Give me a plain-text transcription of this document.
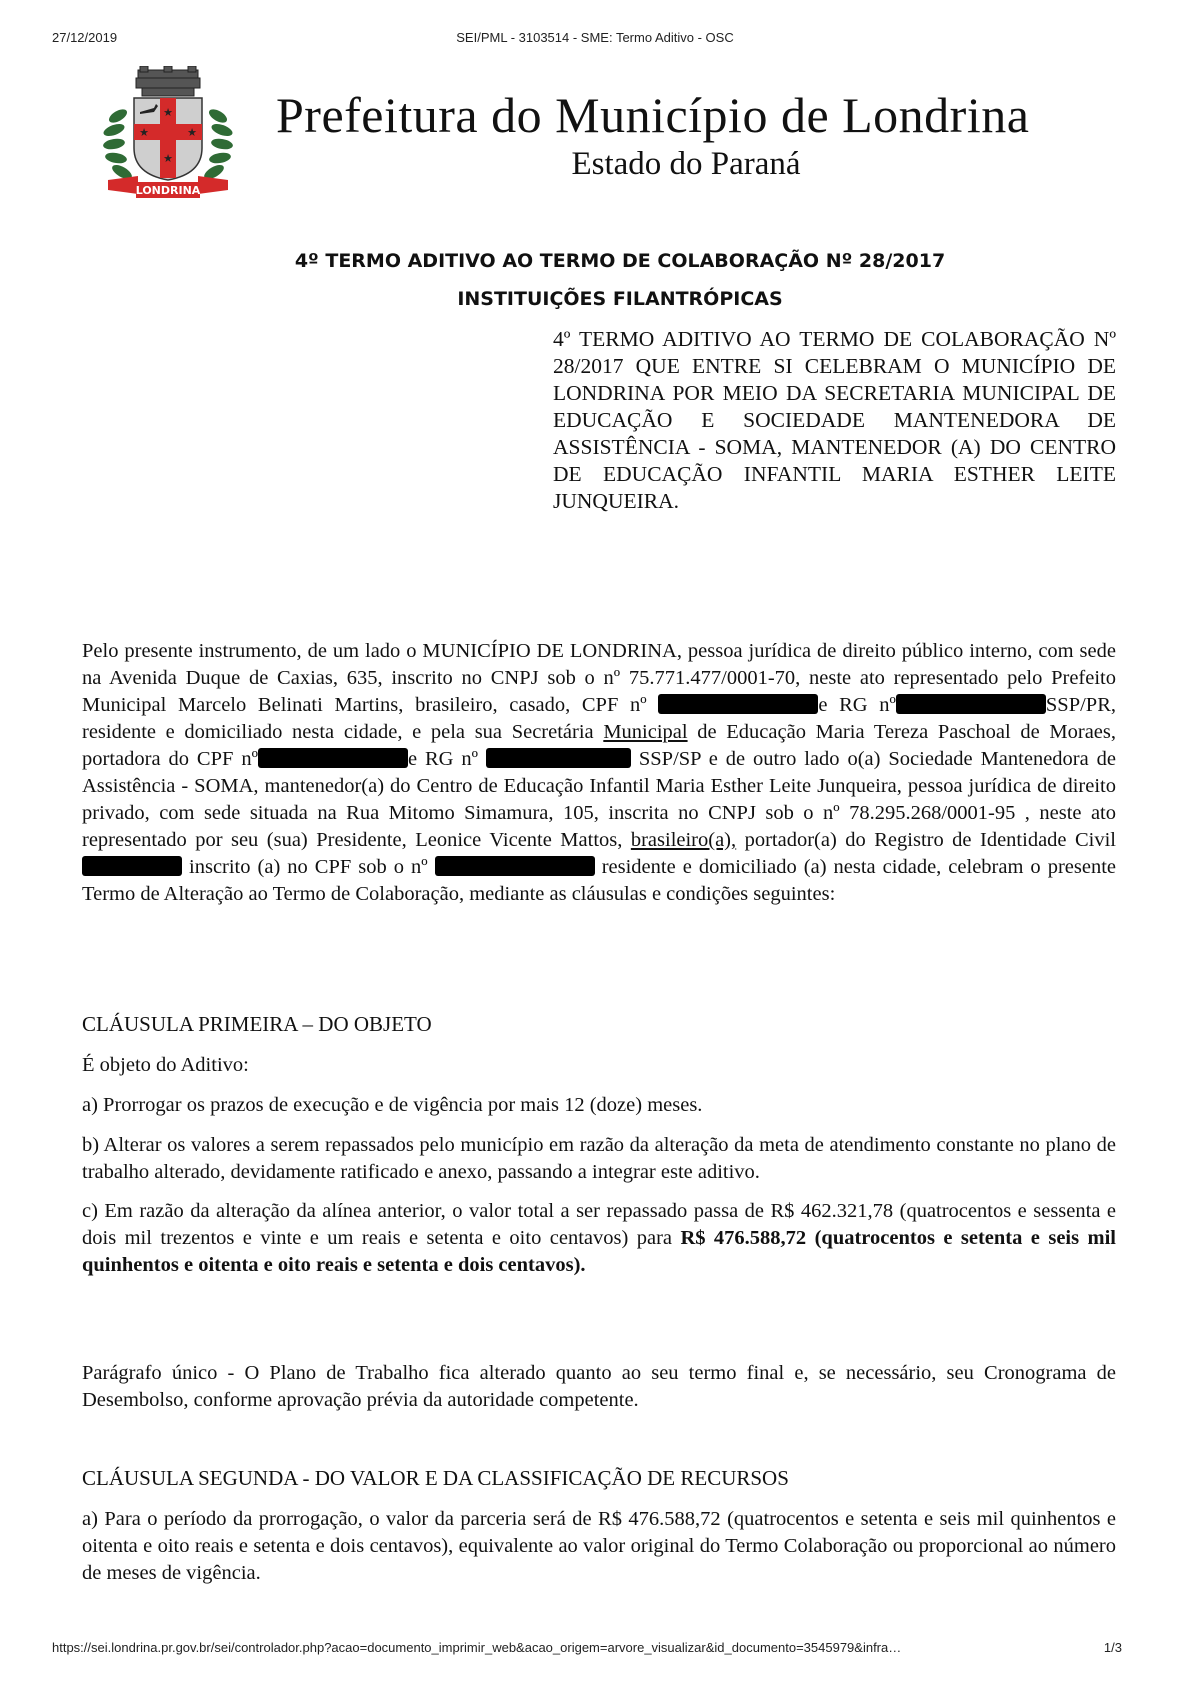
27/12/2019	SEI/PML - 3103514 - SME: Termo Aditivo - OSC
★
★	★
★
LONDRINA
Prefeitura do Município de Londrina
Estado do Paraná
4º TERMO ADITIVO AO TERMO DE COLABORAÇÃO Nº 28/2017
INSTITUIÇÕES FILANTRÓPICAS
4º TERMO ADITIVO AO TERMO DE COLABORAÇÃO Nº 28/2017 QUE ENTRE SI CELEBRAM O MUNICÍPIO DE LONDRINA POR MEIO DA SECRETARIA MUNICIPAL DE EDUCAÇÃO E SOCIEDADE MANTENEDORA DE ASSISTÊNCIA - SOMA, MANTENEDOR (A) DO CENTRO DE EDUCAÇÃO INFANTIL MARIA ESTHER LEITE JUNQUEIRA.
Pelo presente instrumento, de um lado o MUNICÍPIO DE LONDRINA, pessoa jurídica de direito público interno, com sede na Avenida Duque de Caxias, 635, inscrito no CNPJ sob o nº 75.771.477/0001-70, neste ato representado pelo Prefeito Municipal Marcelo Belinati Martins, brasileiro, casado, CPF nº	e RG nº	SSP/PR, residente e domiciliado nesta cidade, e pela sua Secretária Municipal de Educação Maria Tereza Paschoal de Moraes, portadora do CPF nº	e RG nº	SSP/SP e de outro lado o(a) Sociedade Mantenedora de Assistência - SOMA, mantenedor(a) do Centro de Educação Infantil Maria Esther Leite Junqueira, pessoa jurídica de direito privado, com sede situada na Rua Mitomo Simamura, 105, inscrita no CNPJ sob o nº 78.295.268/0001-95 , neste ato representado por seu (sua) Presidente, Leonice Vicente Mattos, brasileiro(a), portador(a) do Registro de Identidade Civil  inscrito (a) no CPF sob o nº	residente e domiciliado (a) nesta cidade, celebram o presente Termo de Alteração ao Termo de Colaboração, mediante as cláusulas e condições seguintes:
CLÁUSULA PRIMEIRA – DO OBJETO
É objeto do Aditivo:
a) Prorrogar os prazos de execução e de vigência por mais 12 (doze) meses.
b) Alterar os valores a serem repassados pelo município em razão da alteração da meta de atendimento constante no plano de trabalho alterado, devidamente ratificado e anexo, passando a integrar este aditivo.
c) Em razão da alteração da alínea anterior, o valor total a ser repassado passa de R$ 462.321,78 (quatrocentos e sessenta e dois mil trezentos e vinte e um reais e setenta e oito centavos) para R$ 476.588,72 (quatrocentos e setenta e seis mil quinhentos e oitenta e oito reais e setenta e dois centavos).
Parágrafo único - O Plano de Trabalho fica alterado quanto ao seu termo final e, se necessário, seu Cronograma de Desembolso, conforme aprovação prévia da autoridade competente.
CLÁUSULA SEGUNDA - DO VALOR E DA CLASSIFICAÇÃO DE RECURSOS
a) Para o período da prorrogação, o valor da parceria será de R$ 476.588,72 (quatrocentos e setenta e seis mil quinhentos e oitenta e oito reais e setenta e dois centavos), equivalente ao valor original do Termo Colaboração ou proporcional ao número de meses de vigência.
https://sei.londrina.pr.gov.br/sei/controlador.php?acao=documento_imprimir_web&acao_origem=arvore_visualizar&id_documento=3545979&infra…	1/3
